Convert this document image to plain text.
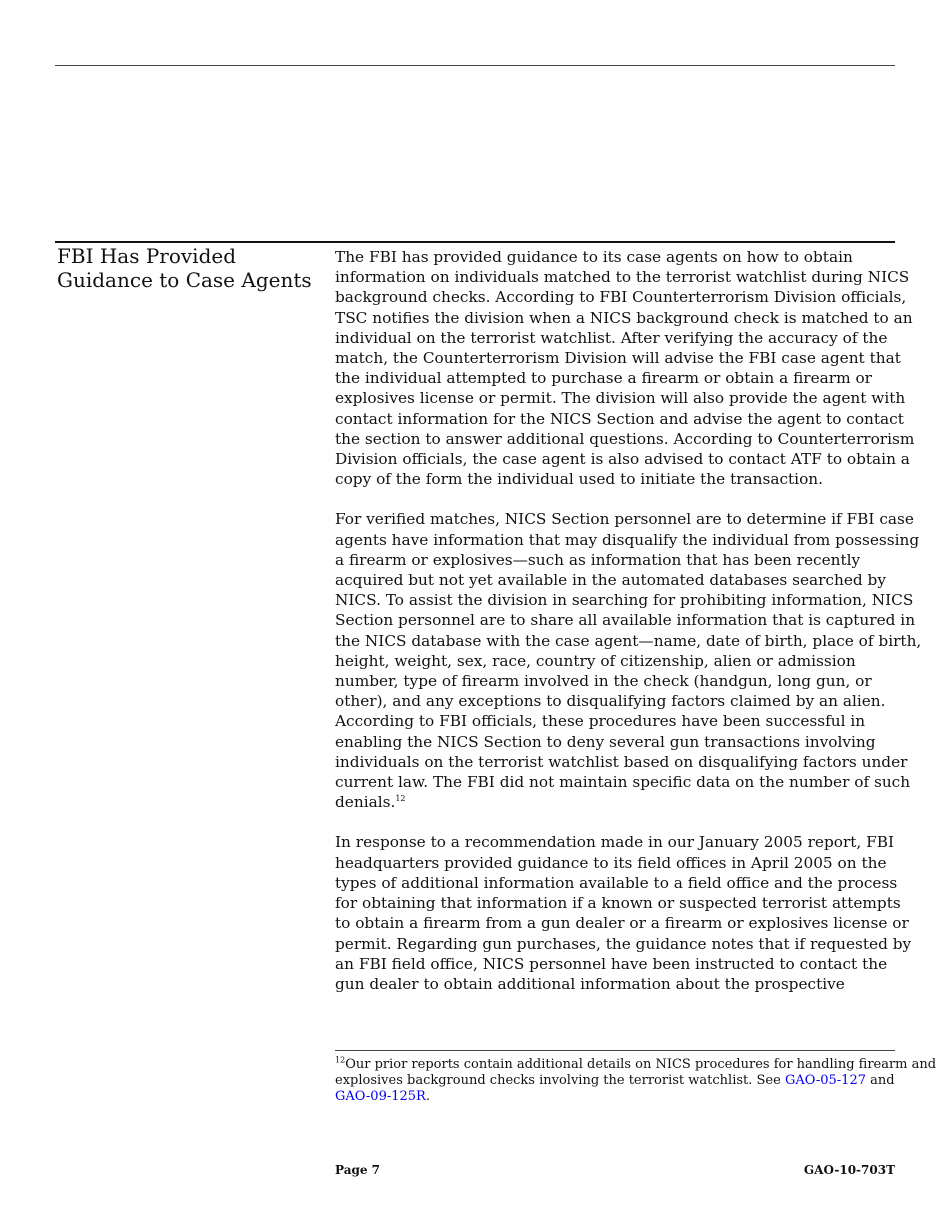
FBI Has Provided
Guidance to Case Agents

The FBI has provided guidance to its case agents on how to obtain
information on individuals matched to the terrorist watchlist during NICS
background checks. According to FBI Counterterrorism Division officials,
TSC notifies the division when a NICS background check is matched to an
individual on the terrorist watchlist. After verifying the accuracy of the
match, the Counterterrorism Division will advise the FBI case agent that
the individual attempted to purchase a firearm or obtain a firearm or
explosives license or permit. The division will also provide the agent with
contact information for the NICS Section and advise the agent to contact
the section to answer additional questions. According to Counterterrorism
Division officials, the case agent is also advised to contact ATF to obtain a
copy of the form the individual used to initiate the transaction.

For verified matches, NICS Section personnel are to determine if FBI case
agents have information that may disqualify the individual from possessing
a firearm or explosives—such as information that has been recently
acquired but not yet available in the automated databases searched by
NICS. To assist the division in searching for prohibiting information, NICS
Section personnel are to share all available information that is captured in
the NICS database with the case agent—name, date of birth, place of birth,
height, weight, sex, race, country of citizenship, alien or admission
number, type of firearm involved in the check (handgun, long gun, or
other), and any exceptions to disqualifying factors claimed by an alien.
According to FBI officials, these procedures have been successful in
enabling the NICS Section to deny several gun transactions involving
individuals on the terrorist watchlist based on disqualifying factors under
current law. The FBI did not maintain specific data on the number of such
denials.$^{12}$

In response to a recommendation made in our January 2005 report, FBI
headquarters provided guidance to its field offices in April 2005 on the
types of additional information available to a field office and the process
for obtaining that information if a known or suspected terrorist attempts
to obtain a firearm from a gun dealer or a firearm or explosives license or
permit. Regarding gun purchases, the guidance notes that if requested by
an FBI field office, NICS personnel have been instructed to contact the
gun dealer to obtain additional information about the prospective

$^{12}$Our prior reports contain additional details on NICS procedures for handling firearm and
explosives background checks involving the terrorist watchlist. See GAO-05-127 and
GAO-09-125R.
Page 7	GAO-10-703T
